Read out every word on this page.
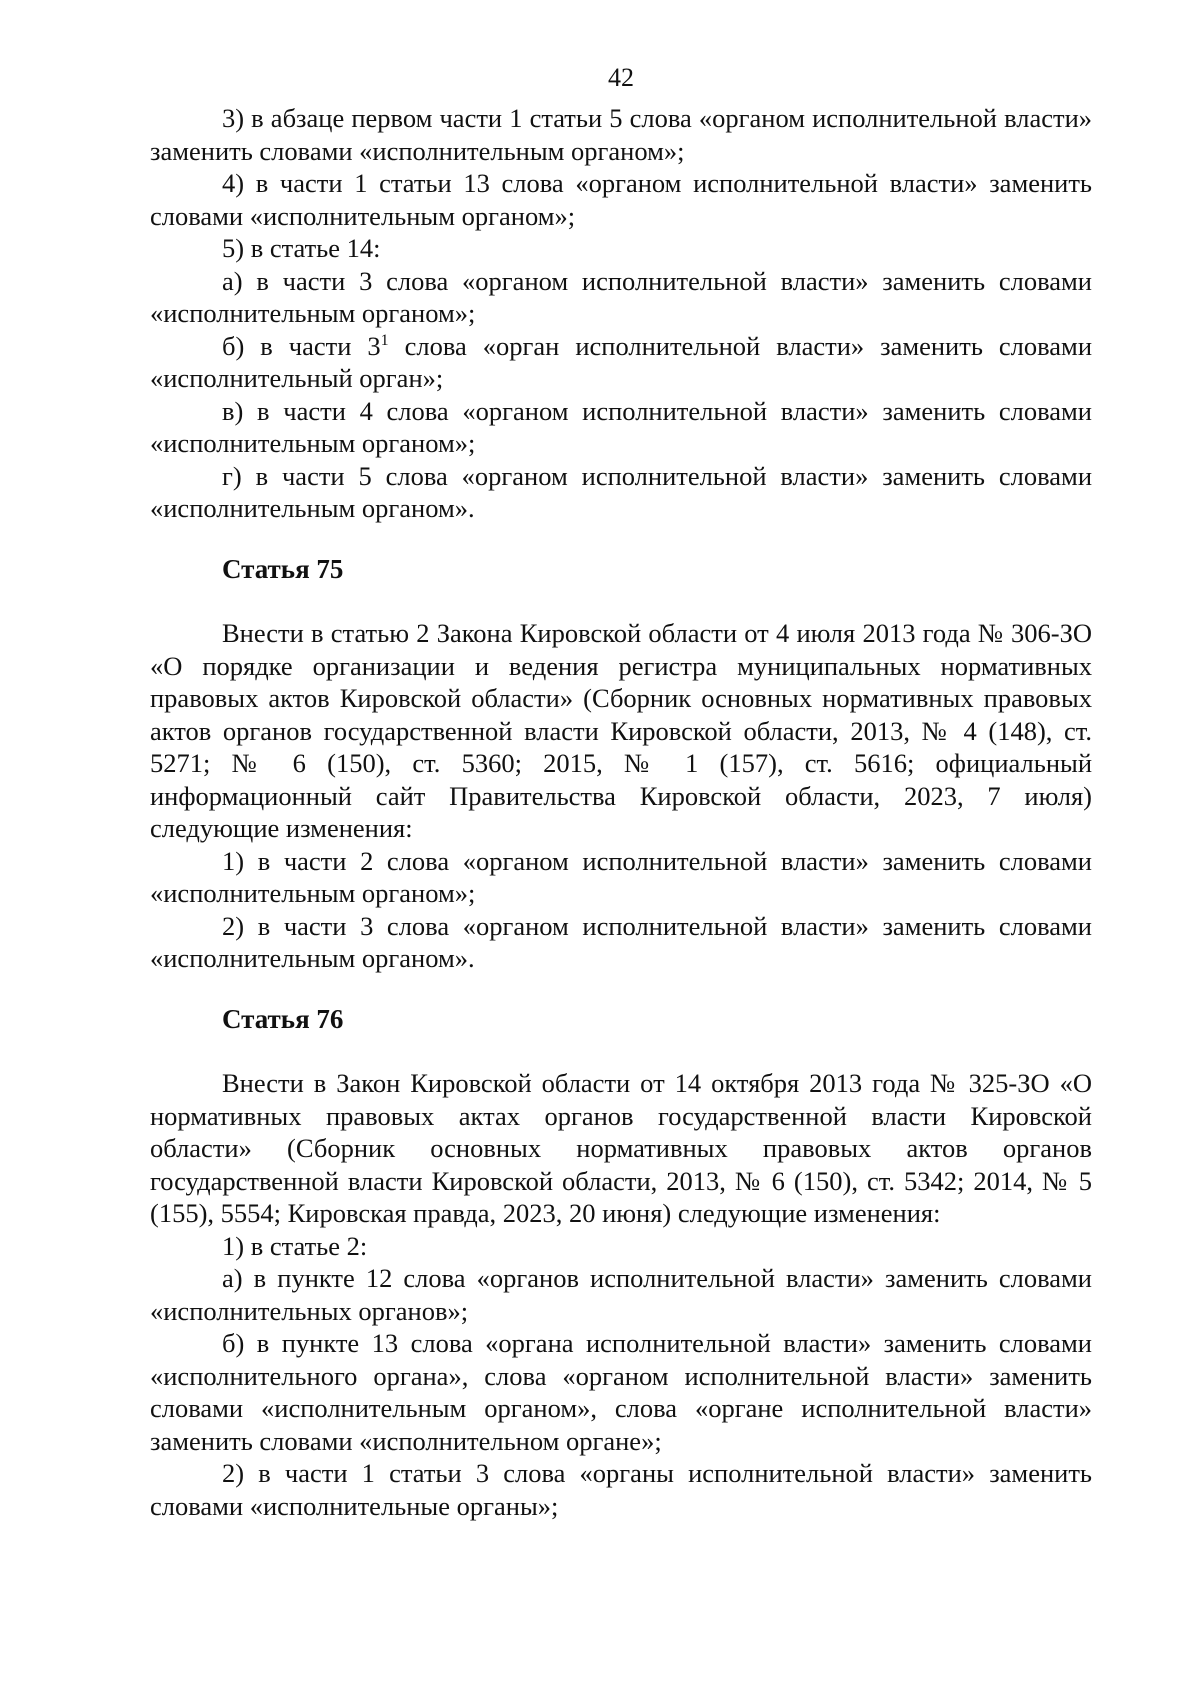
42

3) в абзаце первом части 1 статьи 5 слова «органом исполнительной власти» заменить словами «исполнительным органом»;

4) в части 1 статьи 13 слова «органом исполнительной власти» заменить словами «исполнительным органом»;

5) в статье 14:

а) в части 3 слова «органом исполнительной власти» заменить словами «исполнительным органом»;

б) в части $3^1$ слова «орган исполнительной власти» заменить словами «исполнительный орган»;

в) в части 4 слова «органом исполнительной власти» заменить словами «исполнительным органом»;

г) в части 5 слова «органом исполнительной власти» заменить словами «исполнительным органом».

Статья 75

Внести в статью 2 Закона Кировской области от 4 июля 2013 года № 306-ЗО «О порядке организации и ведения регистра муниципальных нормативных правовых актов Кировской области» (Сборник основных нормативных правовых актов органов государственной власти Кировской области, 2013, № 4 (148), ст. 5271; № 6 (150), ст. 5360; 2015, № 1 (157), ст. 5616; официальный информационный сайт Правительства Кировской области, 2023, 7 июля) следующие изменения:

1) в части 2 слова «органом исполнительной власти» заменить словами «исполнительным органом»;

2) в части 3 слова «органом исполнительной власти» заменить словами «исполнительным органом».

Статья 76

Внести в Закон Кировской области от 14 октября 2013 года № 325-ЗО «О нормативных правовых актах органов государственной власти Кировской области» (Сборник основных нормативных правовых актов органов государственной власти Кировской области, 2013, № 6 (150), ст. 5342; 2014, № 5 (155), 5554; Кировская правда, 2023, 20 июня) следующие изменения:

1) в статье 2:

а) в пункте 12 слова «органов исполнительной власти» заменить словами «исполнительных органов»;

б) в пункте 13 слова «органа исполнительной власти» заменить словами «исполнительного органа», слова «органом исполнительной власти» заменить словами «исполнительным органом», слова «органе исполнительной власти» заменить словами «исполнительном органе»;

2) в части 1 статьи 3 слова «органы исполнительной власти» заменить словами «исполнительные органы»;
